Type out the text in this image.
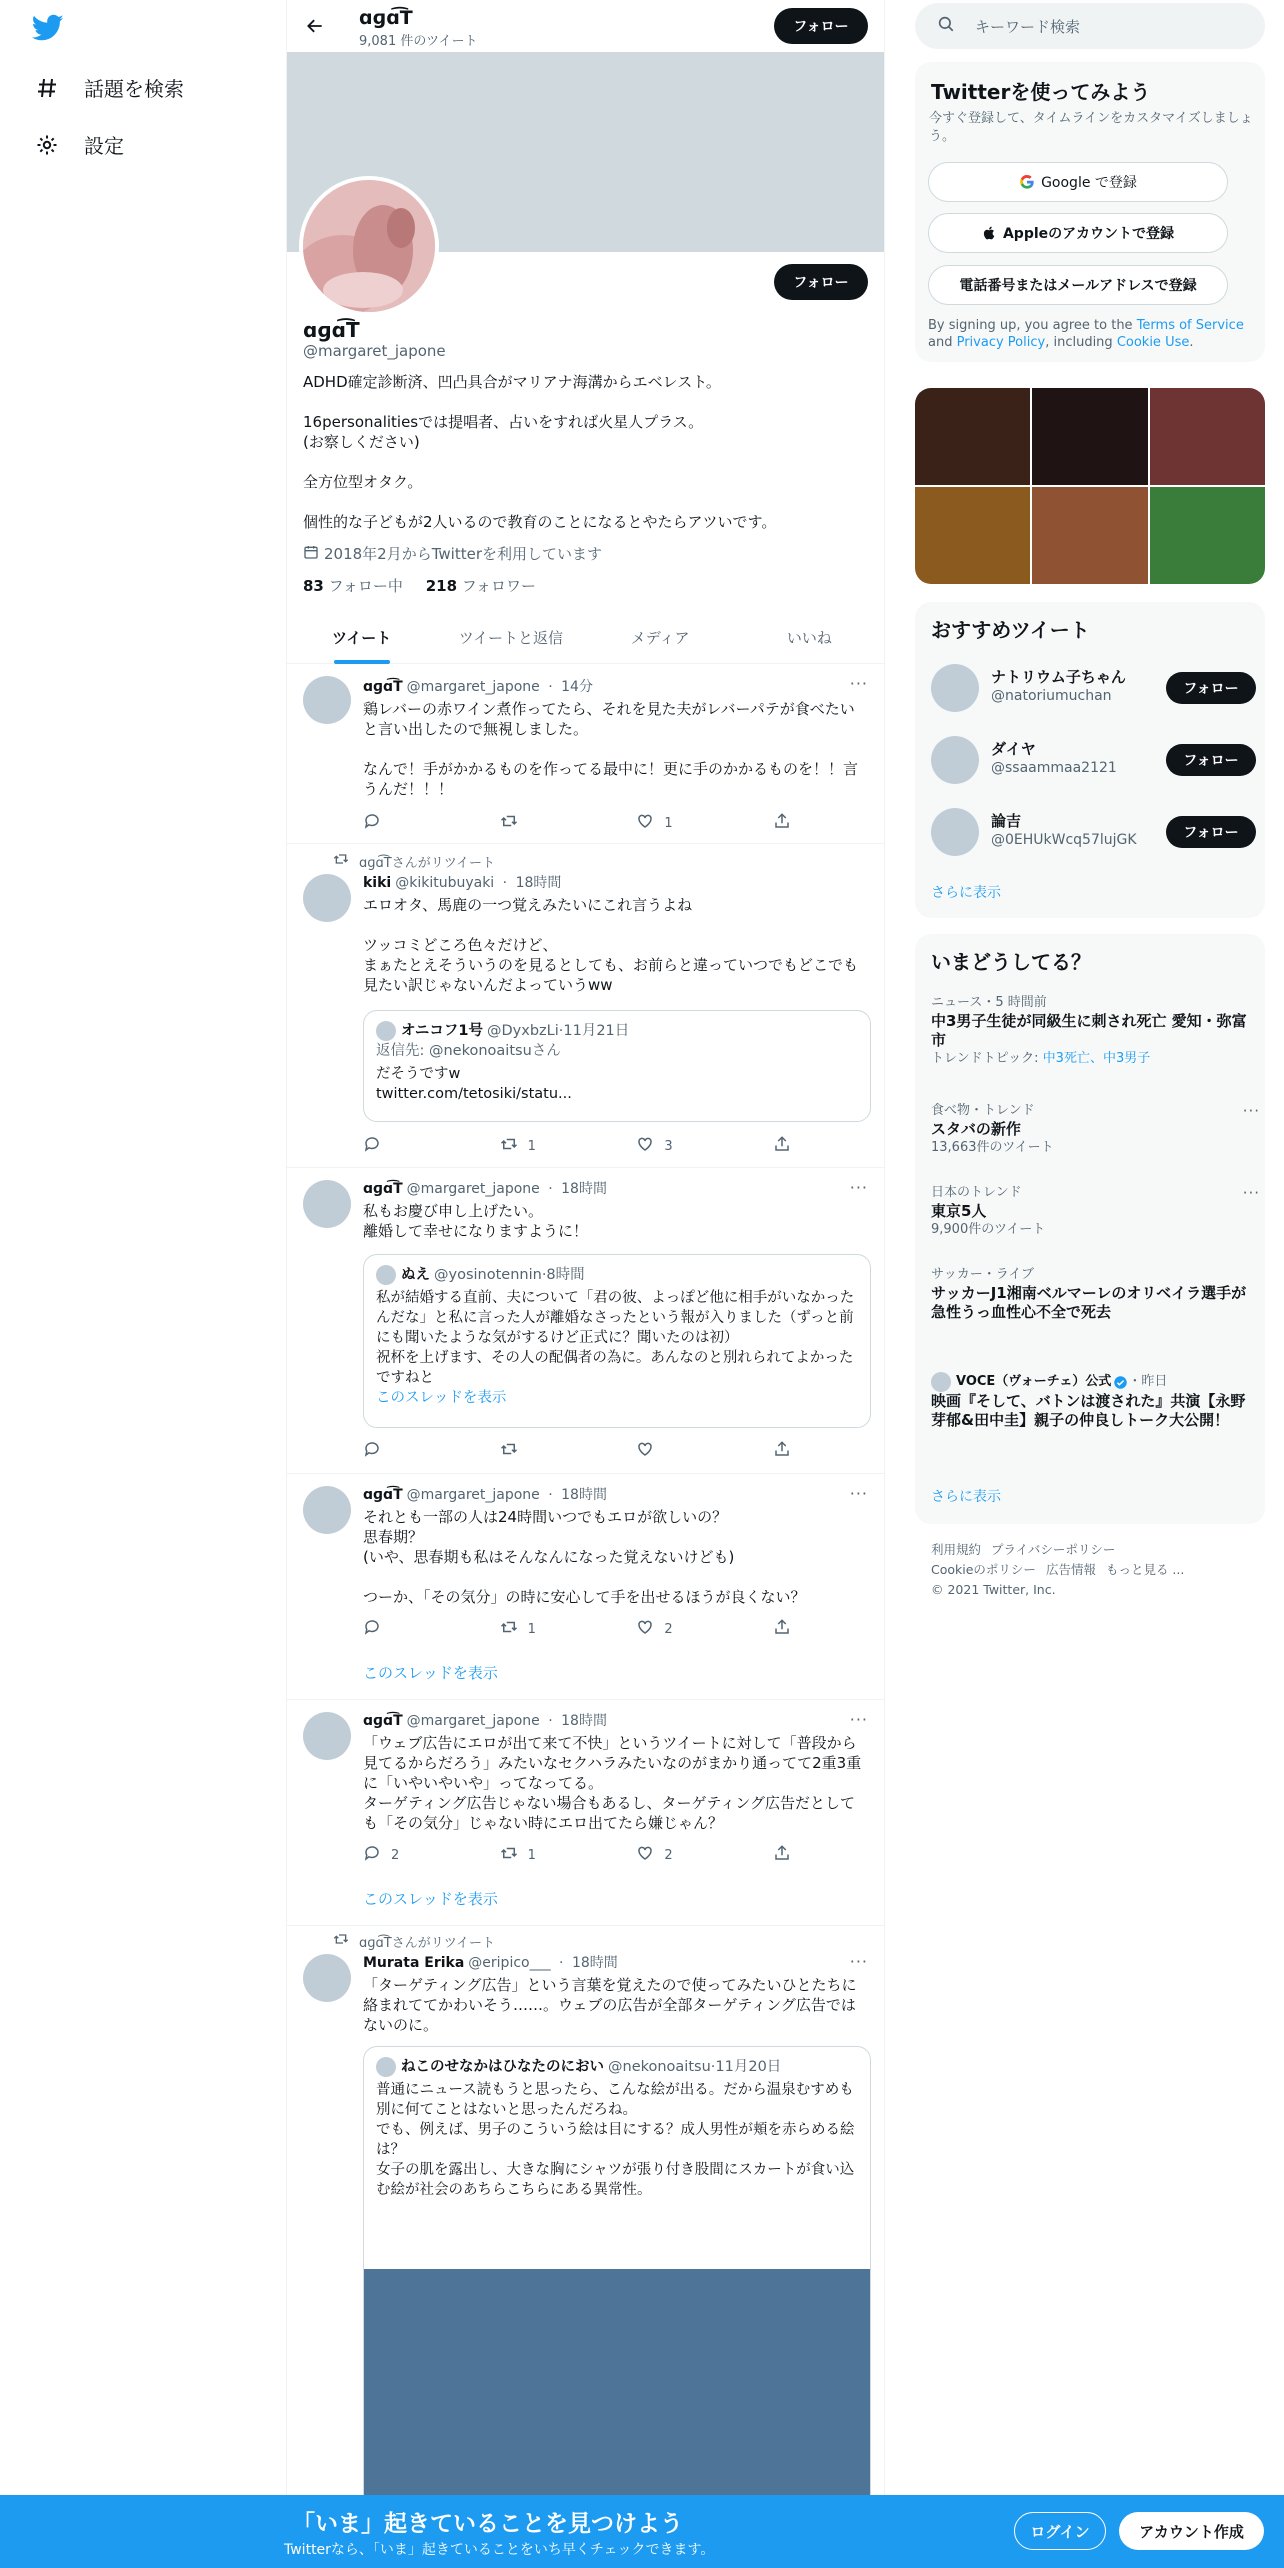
話題を検索
設定
ɑɡɑ͡T
9,081 件のツイート
フォロー
フォロー
ɑɡɑ͡T
@margaret_japone

ADHD確定診断済、凹凸具合がマリアナ海溝からエベレスト。

16personalitiesでは提唱者、占いをすれば火星人プラス。
(お察しください)

全方位型オタク。

個性的な子どもが2人いるので教育のことになるとやたらアツいです。

2018年2月からTwitterを利用しています
83 フォロー中 218 フォロワー
ツイート	ツイートと返信	メディア	いいね
···
ɑɡɑ͡T @margaret_japone · 14分
鶏レバーの赤ワイン煮作ってたら、それを見た夫がレバーパテが食べたいと言い出したので無視しました。

なんで！手がかかるものを作ってる最中に！更に手のかかるものを！！言うんだ！！！
1
ɑɡɑ͡Tさんがリツイート
kiki @kikitubuyaki · 18時間
エロオタ、馬鹿の一つ覚えみたいにこれ言うよね

ツッコミどころ色々だけど、
まぁたとえそういうのを見るとしても、お前らと違っていつでもどこでも見たい訳じゃないんだよっていうww
オニコフ1号 @DyxbzLi · 11月21日
返信先: @nekonoaitsuさん
だそうですw
twitter.com/tetosiki/statu...
1	3
···
ɑɡɑ͡T @margaret_japone · 18時間
私もお慶び申し上げたい。
離婚して幸せになりますように！
ぬえ @yosinotennin · 8時間
私が結婚する直前、夫について「君の彼、よっぽど他に相手がいなかったんだな」と私に言った人が離婚なさったという報が入りました（ずっと前にも聞いたような気がするけど正式に？聞いたのは初）
祝杯を上げます、その人の配偶者の為に。あんなのと別れられてよかったですねと
このスレッドを表示
···
ɑɡɑ͡T @margaret_japone · 18時間
それとも一部の人は24時間いつでもエロが欲しいの？
思春期？
(いや、思春期も私はそんなんになった覚えないけども)

つーか、「その気分」の時に安心して手を出せるほうが良くない？
1	2
このスレッドを表示
···
ɑɡɑ͡T @margaret_japone · 18時間
「ウェブ広告にエロが出て来て不快」というツイートに対して「普段から見てるからだろう」みたいなセクハラみたいなのがまかり通ってて2重3重に「いやいやいや」ってなってる。
ターゲティング広告じゃない場合もあるし、ターゲティング広告だとしても「その気分」じゃない時にエロ出てたら嫌じゃん？
2	1	2
このスレッドを表示
ɑɡɑ͡Tさんがリツイート
···
Murata Erika @eripico___ · 18時間
「ターゲティング広告」という言葉を覚えたので使ってみたいひとたちに絡まれててかわいそう……。ウェブの広告が全部ターゲティング広告ではないのに。
ねこのせなかはひなたのにおい @nekonoaitsu · 11月20日
普通にニュース読もうと思ったら、こんな絵が出る。だから温泉むすめも別に何てことはないと思ったんだろね。
でも、例えば、男子のこういう絵は目にする？成人男性が頬を赤らめる絵は？
女子の肌を露出し、大きな胸にシャツが張り付き股間にスカートが食い込む絵が社会のあちらこちらにある異常性。
キーワード検索
Twitterを使ってみよう
今すぐ登録して、タイムラインをカスタマイズしましょう。
Google で登録
Appleのアカウントで登録
電話番号またはメールアドレスで登録
By signing up, you agree to the Terms of Service and Privacy Policy, including Cookie Use.
おすすめツイート
ナトリウム子ちゃん
@natoriumuchan	フォロー
ダイヤ
@ssaammaa2121	フォロー
論吉
@0EHUkWcq57lujGK	フォロー
さらに表示
いまどうしてる？
ニュース・5 時間前
中3男子生徒が同級生に刺され死亡 愛知・弥富市
トレンドトピック: 中3死亡、中3男子
食べ物・トレンド
スタバの新作
13,663件のツイート
···
日本のトレンド
東京5人
9,900件のツイート
···
サッカー・ライブ
サッカーJ1湘南ベルマーレのオリベイラ選手が急性うっ血性心不全で死去
VOCE（ヴォーチェ）公式 ・昨日
映画『そして、バトンは渡された』共演【永野芽郁&田中圭】親子の仲良しトーク大公開！
さらに表示
利用規約 プライバシーポリシー
Cookieのポリシー 広告情報 もっと見る ...
© 2021 Twitter, Inc.
「いま」起きていることを見つけよう
Twitterなら、「いま」起きていることをいち早くチェックできます。
ログイン	アカウント作成
